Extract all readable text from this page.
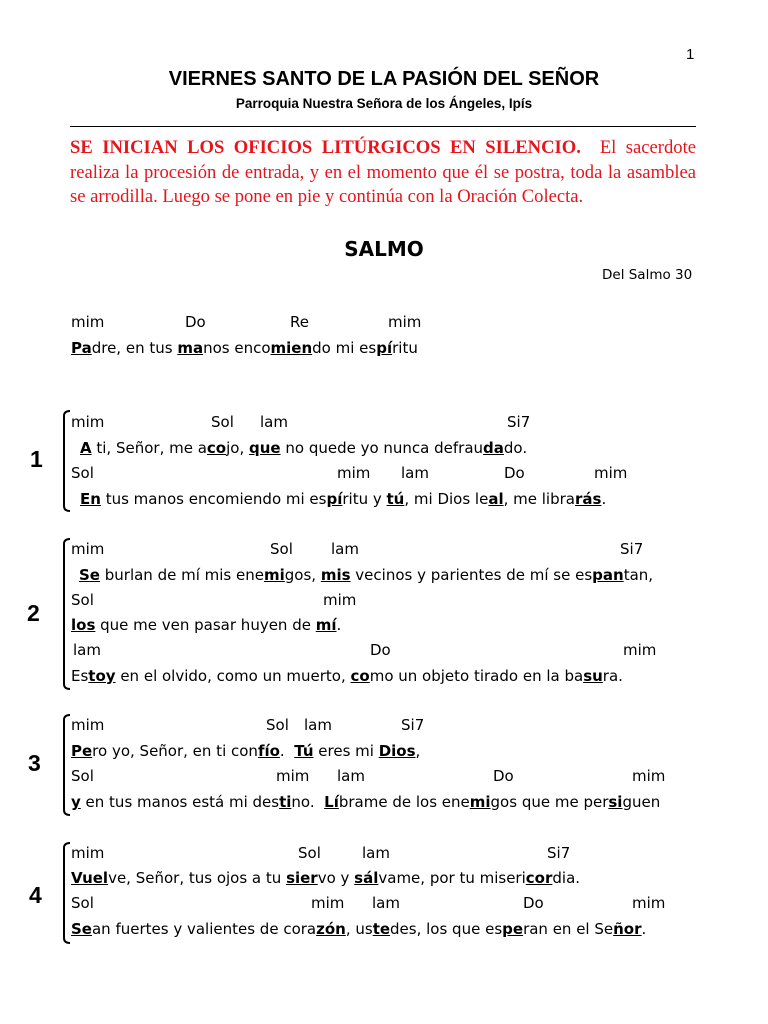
1
VIERNES SANTO DE LA PASIÓN DEL SEÑOR
Parroquia Nuestra Señora de los Ángeles, Ipís
SE INICIAN LOS OFICIOS LITÚRGICOS EN SILENCIO. El sacerdote realiza la procesión de entrada, y en el momento que él se postra, toda la asamblea se arrodilla. Luego se pone en pie y continúa con la Oración Colecta.
SALMO
Del Salmo 30
mim	Do	Re	mim
Padre, en tus manos encomiendo mi espíritu
1
mim	Sol lam	Si7
A ti, Señor, me acojo, que no quede yo nunca defraudado.
Sol	mim lam	Do	mim
En tus manos encomiendo mi espíritu y tú, mi Dios leal, me librarás.
2
mim	Sol	lam	Si7
Se burlan de mí mis enemigos, mis vecinos y parientes de mí se espantan,
Sol	mim
los que me ven pasar huyen de mí.
lam	Do	mim
Estoy en el olvido, como un muerto, como un objeto tirado en la basura.
3
mim	Sol lam	Si7
Pero yo, Señor, en ti confío.  Tú eres mi Dios,
Sol	mim lam	Do	mim
y en tus manos está mi destino.  Líbrame de los enemigos que me persiguen
4
mim	Sol	lam	Si7
Vuelve, Señor, tus ojos a tu siervo y sálvame, por tu misericordia.
Sol	mim lam	Do	mim
Sean fuertes y valientes de corazón, ustedes, los que esperan en el Señor.
